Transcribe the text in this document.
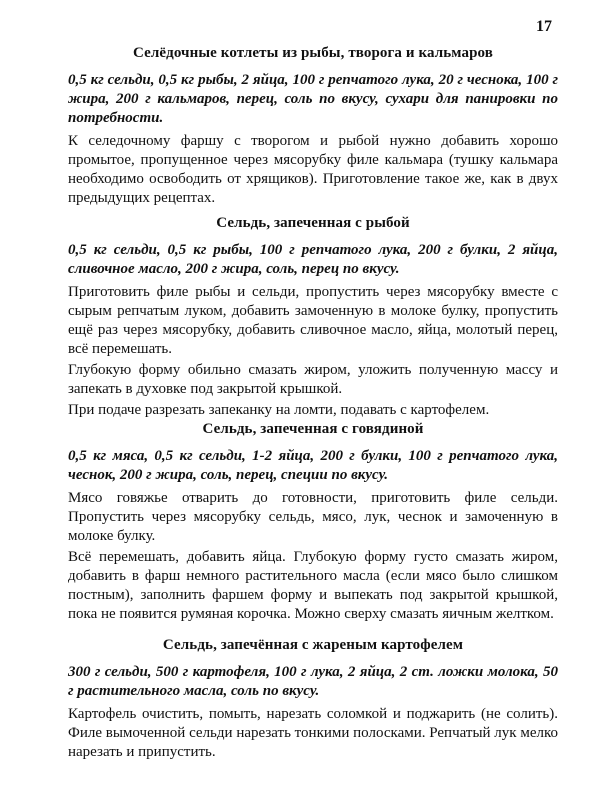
17
Селёдочные котлеты из рыбы, творога и кальмаров

0,5 кг сельди, 0,5 кг рыбы, 2 яйца, 100 г репчатого лука, 20 г чеснока, 100 г жира, 200 г кальмаров, перец, соль по вкусу, сухари для панировки по потребности.

К селедочному фаршу с творогом и рыбой нужно добавить хорошо промытое, пропущенное через мясорубку филе кальмара (тушку кальмара необходимо освободить от хрящиков). Приготовление такое же, как в двух предыдущих рецептах.

Сельдь, запеченная с рыбой

0,5 кг сельди, 0,5 кг рыбы, 100 г репчатого лука, 200 г булки, 2 яйца, сливочное масло, 200 г жира, соль, перец по вкусу.

Приготовить филе рыбы и сельди, пропустить через мясорубку вместе с сырым репчатым луком, добавить замоченную в молоке булку, пропустить ещё раз через мясорубку, добавить сливочное масло, яйца, молотый перец, всё перемешать.

Глубокую форму обильно смазать жиром, уложить полученную массу и запекать в духовке под закрытой крышкой.

При подаче разрезать запеканку на ломти, подавать с картофелем.

Сельдь, запеченная с говядиной

0,5 кг мяса, 0,5 кг сельди, 1-2 яйца, 200 г булки, 100 г репчатого лука, чеснок, 200 г жира, соль, перец, специи по вкусу.

Мясо говяжье отварить до готовности, приготовить филе сельди. Пропустить через мясорубку сельдь, мясо, лук, чеснок и замоченную в молоке булку.

Всё перемешать, добавить яйца. Глубокую форму густо смазать жиром, добавить в фарш немного растительного масла (если мясо было слишком постным), заполнить фаршем форму и выпекать под закрытой крышкой, пока не появится румяная корочка. Можно сверху смазать яичным желтком.

Сельдь, запечённая с жареным картофелем

300 г сельди, 500 г картофеля, 100 г лука, 2 яйца, 2 ст. ложки молока, 50 г растительного масла, соль по вкусу.

Картофель очистить, помыть, нарезать соломкой и поджарить (не солить). Филе вымоченной сельди нарезать тонкими полосками. Репчатый лук мелко нарезать и припустить.
